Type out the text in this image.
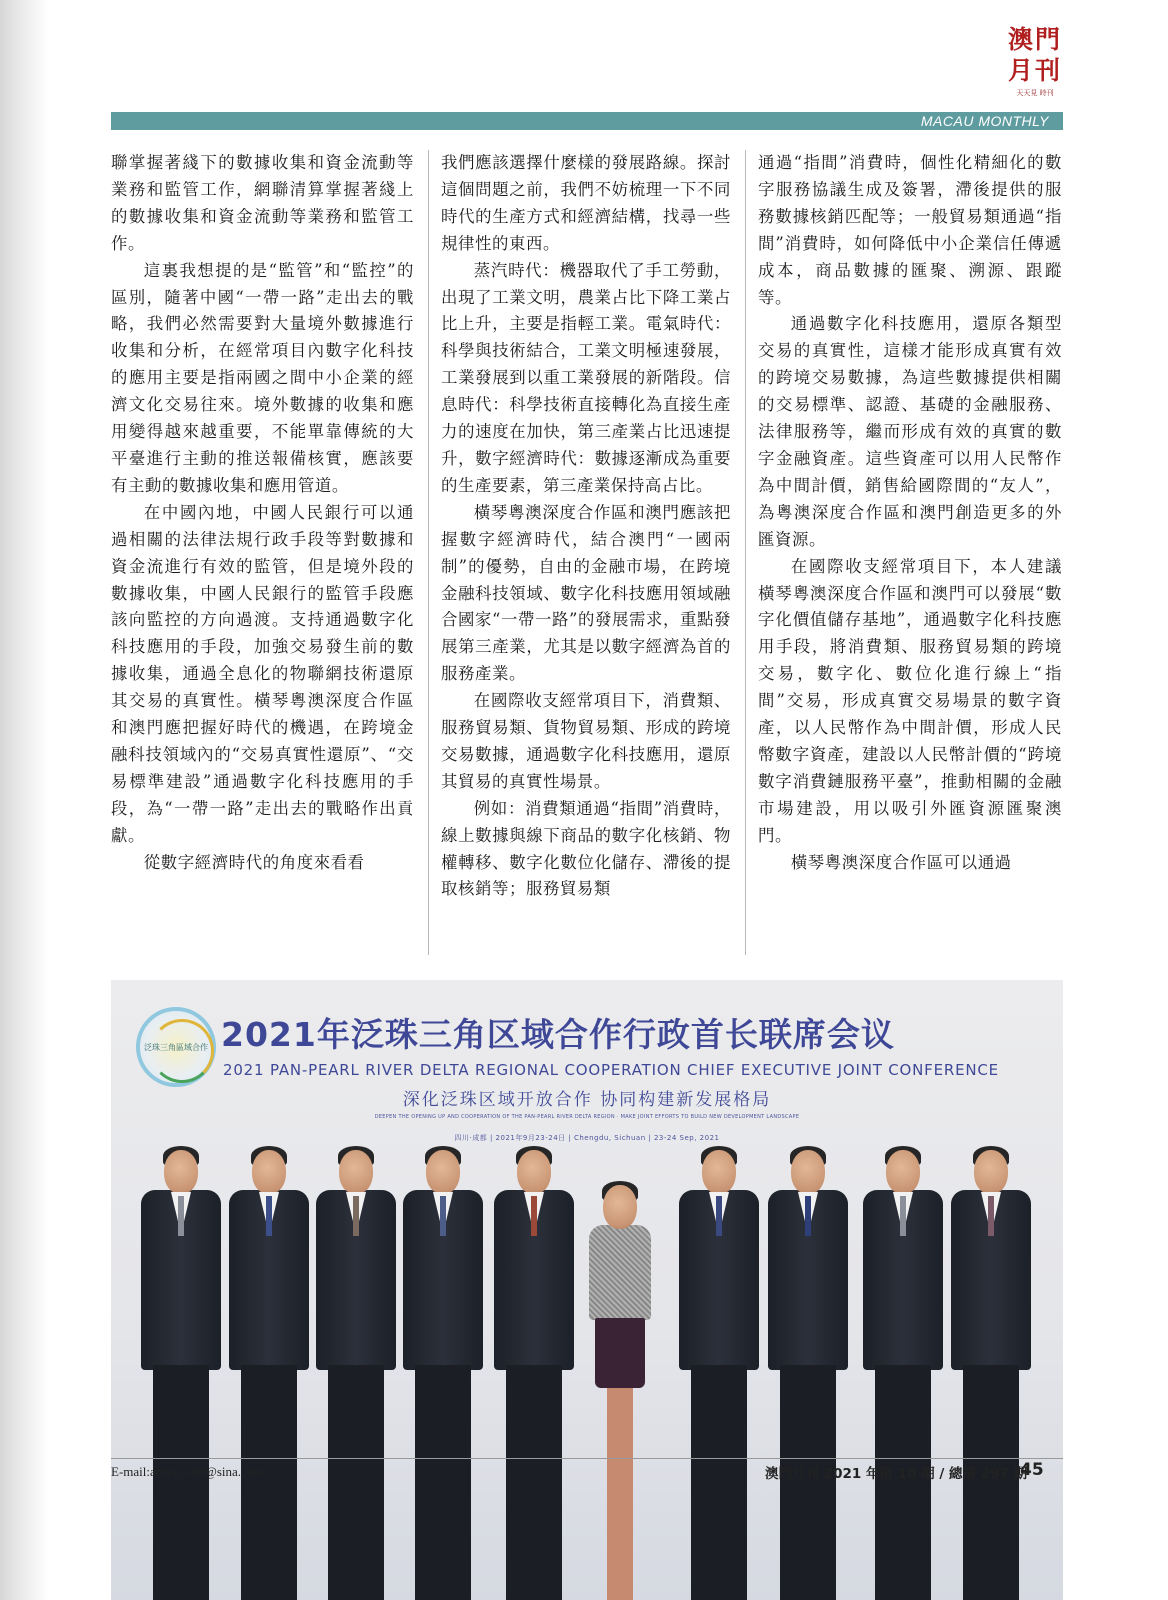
澳門
月刊
天天見 時刊
MACAU MONTHLY

聯掌握著綫下的數據收集和資金流動等業務和監管工作，網聯清算掌握著綫上的數據收集和資金流動等業務和監管工作。

這裏我想提的是“監管”和“監控”的區別，隨著中國“一帶一路”走出去的戰略，我們必然需要對大量境外數據進行收集和分析，在經常項目內數字化科技的應用主要是指兩國之間中小企業的經濟文化交易往來。境外數據的收集和應用變得越來越重要，不能單靠傳統的大平臺進行主動的推送報備核實，應該要有主動的數據收集和應用管道。

在中國內地，中國人民銀行可以通過相關的法律法規行政手段等對數據和資金流進行有效的監管，但是境外段的數據收集，中國人民銀行的監管手段應該向監控的方向過渡。支持通過數字化科技應用的手段，加強交易發生前的數據收集，通過全息化的物聯網技術還原其交易的真實性。橫琴粵澳深度合作區和澳門應把握好時代的機遇，在跨境金融科技領域內的“交易真實性還原”、“交易標準建設”通過數字化科技應用的手段，為“一帶一路”走出去的戰略作出貢獻。

從數字經濟時代的角度來看看

我們應該選擇什麼樣的發展路線。探討這個問題之前，我們不妨梳理一下不同時代的生產方式和經濟結構，找尋一些規律性的東西。

蒸汽時代：機器取代了手工勞動，出現了工業文明，農業占比下降工業占比上升，主要是指輕工業。電氣時代：科學與技術結合，工業文明極速發展，工業發展到以重工業發展的新階段。信息時代：科學技術直接轉化為直接生產力的速度在加快，第三產業占比迅速提升，數字經濟時代：數據逐漸成為重要的生產要素，第三產業保持高占比。

橫琴粵澳深度合作區和澳門應該把握數字經濟時代，結合澳門“一國兩制”的優勢，自由的金融市場，在跨境金融科技領域、數字化科技應用領域融合國家“一帶一路”的發展需求，重點發展第三產業，尤其是以數字經濟為首的服務產業。

在國際收支經常項目下，消費類、服務貿易類、貨物貿易類、形成的跨境交易數據，通過數字化科技應用，還原其貿易的真實性場景。

例如：消費類通過“指間”消費時，線上數據與線下商品的數字化核銷、物權轉移、數字化數位化儲存、滯後的提取核銷等；服務貿易類

通過“指間”消費時，個性化精細化的數字服務協議生成及簽署，滯後提供的服務數據核銷匹配等；一般貿易類通過“指間”消費時，如何降低中小企業信任傳遞成本，商品數據的匯聚、溯源、跟蹤等。

通過數字化科技應用，還原各類型交易的真實性，這樣才能形成真實有效的跨境交易數據，為這些數據提供相關的交易標準、認證、基礎的金融服務、法律服務等，繼而形成有效的真實的數字金融資產。這些資產可以用人民幣作為中間計價，銷售給國際間的“友人”，為粵澳深度合作區和澳門創造更多的外匯資源。

在國際收支經常項目下，本人建議橫琴粵澳深度合作區和澳門可以發展“數字化價值儲存基地”，通過數字化科技應用手段，將消費類、服務貿易類的跨境交易，數字化、數位化進行線上“指間”交易，形成真實交易場景的數字資產，以人民幣作為中間計價，形成人民幣數字資產，建設以人民幣計價的“跨境數字消費鏈服務平臺”，推動相關的金融市場建設，用以吸引外匯資源匯聚澳門。

橫琴粵澳深度合作區可以通過

泛珠三角區域合作 2021年泛珠三角区域合作行政首长联席会议
2021 PAN-PEARL RIVER DELTA REGIONAL COOPERATION CHIEF EXECUTIVE JOINT CONFERENCE
深化泛珠区域开放合作 协同构建新发展格局
DEEPEN THE OPENING UP AND COOPERATION OF THE PAN-PEARL RIVER DELTA REGION · MAKE JOINT EFFORTS TO BUILD NEW DEVELOPMENT LANDSCAPE
四川·成都 | 2021年9月23-24日 | Chengdu, Sichuan | 23-24 Sep, 2021
E-mail:amyk3388@sina.com	澳門月刊 2021 年第 10 期 / 總第 297 期
45
